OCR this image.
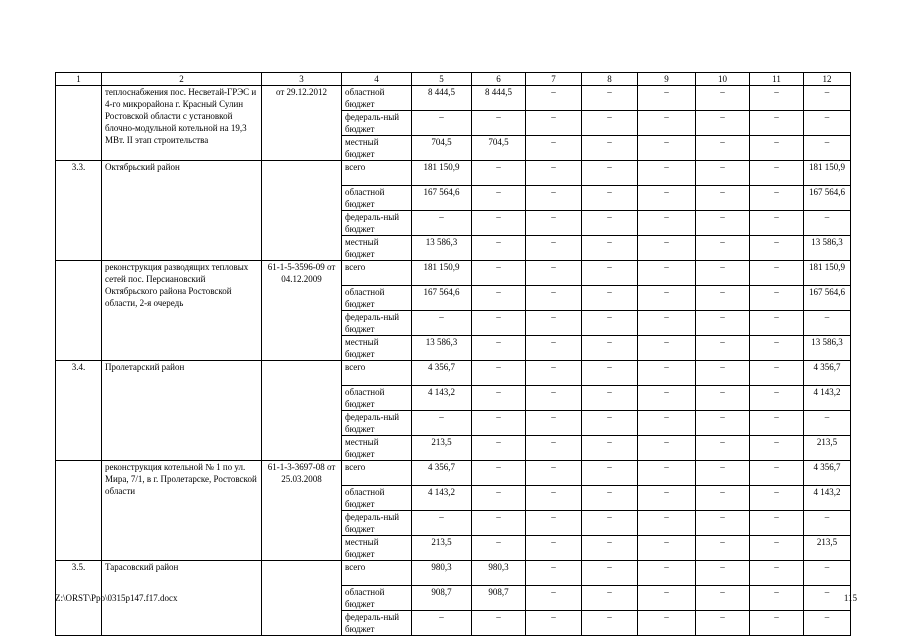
1	2	3	4	5	6	7	8	9	10	11	12
	теплоснабжения пос. Несветай-ГРЭС и 4-го микрорайона г. Красный Сулин Ростовской области с установкой блочно-модульной котельной на 19,3 МВт. II этап строительства	от 29.12.2012	областной бюджет	8 444,5	8 444,5	–	–	–	–	–	–
			федераль-ный бюджет	–	–	–	–	–	–	–	–
			местный бюджет	704,5	704,5	–	–	–	–	–	–
3.3.	Октябрьский район		всего	181 150,9	–	–	–	–	–	–	181 150,9
			областной бюджет	167 564,6	–	–	–	–	–	–	167 564,6
			федераль-ный бюджет	–	–	–	–	–	–	–	–
			местный бюджет	13 586,3	–	–	–	–	–	–	13 586,3
	реконструкция разводящих тепловых сетей пос. Персиановский Октябрьского района Ростовской области, 2-я очередь	61-1-5-3596-09 от 04.12.2009	всего	181 150,9	–	–	–	–	–	–	181 150,9
			областной бюджет	167 564,6	–	–	–	–	–	–	167 564,6
			федераль-ный бюджет	–	–	–	–	–	–	–	–
			местный бюджет	13 586,3	–	–	–	–	–	–	13 586,3
3.4.	Пролетарский район		всего	4 356,7	–	–	–	–	–	–	4 356,7
			областной бюджет	4 143,2	–	–	–	–	–	–	4 143,2
			федераль-ный бюджет	–	–	–	–	–	–	–	–
			местный бюджет	213,5	–	–	–	–	–	–	213,5
	реконструкция котельной № 1 по ул. Мира, 7/1, в г. Пролетарске, Ростовской области	61-1-3-3697-08 от 25.03.2008	всего	4 356,7	–	–	–	–	–	–	4 356,7
			областной бюджет	4 143,2	–	–	–	–	–	–	4 143,2
			федераль-ный бюджет	–	–	–	–	–	–	–	–
			местный бюджет	213,5	–	–	–	–	–	–	213,5
3.5.	Тарасовский район		всего	980,3	980,3	–	–	–	–	–	–
			областной бюджет	908,7	908,7	–	–	–	–	–	–
			федераль-ный бюджет	–	–	–	–	–	–	–	–
Z:\ORST\Ppo\0315p147.f17.docx	115
